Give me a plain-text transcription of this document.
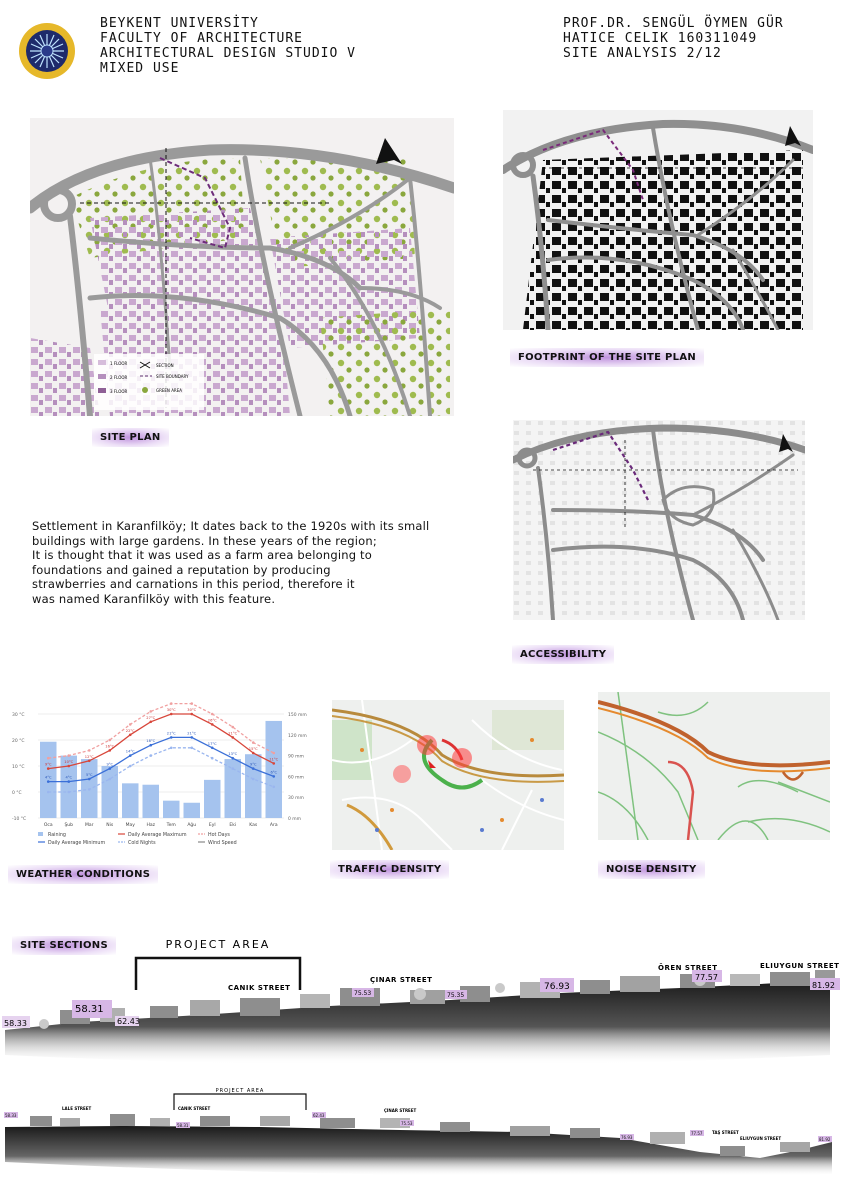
BEYKENT UNIVERSİTY
FACULTY OF ARCHITECTURE
ARCHITECTURAL DESIGN STUDIO V
MIXED USE
PROF.DR. SENGÜL ÖYMEN GÜR
HATICE CELIK 160311049
SITE ANALYSIS 2/12
1 FLOOR
2 FLOOR
3 FLOOR
SECTION
SITE BOUNDARY
GREEN AREA
SITE PLAN
FOOTPRINT OF THE SITE PLAN
ACCESSIBILITY
Settlement in Karanfilköy; It dates back to the 1920s with its small
buildings with large gardens. In these years of the region;
It is thought that it was used as a farm area belonging to
foundations and gained a reputation by producing
strawberries and carnations in this period, therefore it
was named Karanfilköy with this feature.
30 °C
20 °C
10 °C
0 °C
-10 °C
150 mm
120 mm
90 mm
60 mm
30 mm
0 mm
Oca	Şub	Mar	Nis	May	Haz	Tem	Ağu	Eyl	Eki	Kas	Ara
9°C
10°C
12°C
16°C
22°C
27°C
30°C	30°C
26°C
21°C
15°C
11°C
4°C	4°C
5°C
9°C
14°C
18°C
21°C	21°C
17°C
13°C
9°C
6°C
Raining
Daily Average Minimum
Daily Average Maximum
Cold Nights
Hot Days
Wind Speed
WEATHER CONDITIONS	TRAFFIC DENSITY	NOISE DENSITY
SITE SECTIONS	PROJECT AREA
58.33
58.31
62.43
75.53	75.35
76.93
77.57
81.92
CANIK STREET
ÇINAR STREET
ÖREN STREET	ELIUYGUN STREET
PROJECT AREA
58.33
58.31
62.43
75.53
76.93
77.57
81.92
LALE STREET	CANIK STREET	ÇINAR STREET
TAŞ STREET
ELIUYGUN STREET
